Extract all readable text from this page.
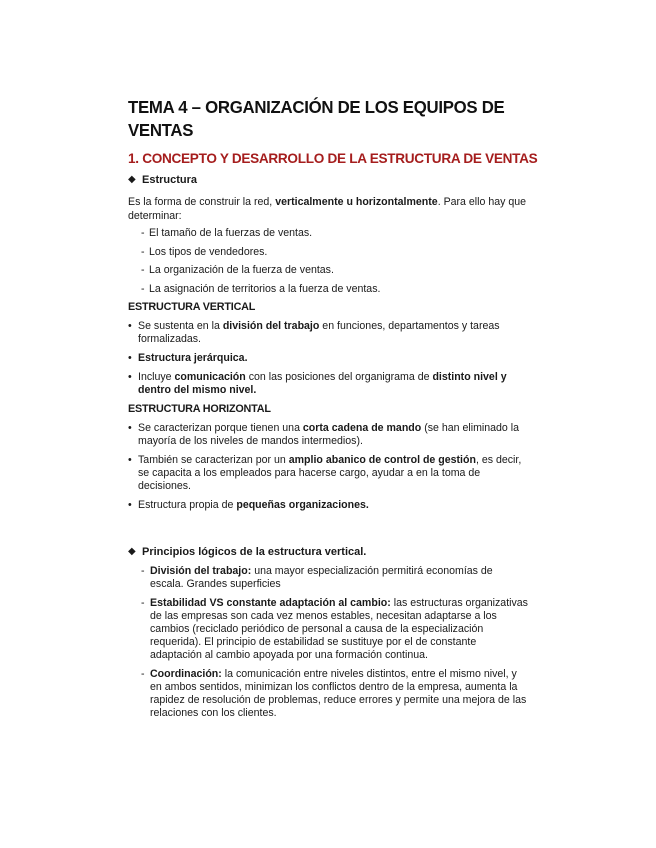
TEMA 4 – ORGANIZACIÓN DE LOS EQUIPOS DE VENTAS
1. CONCEPTO Y DESARROLLO DE LA ESTRUCTURA DE VENTAS
◆ Estructura
Es la forma de construir la red, verticalmente u horizontalmente. Para ello hay que determinar:
- El tamaño de la fuerzas de ventas.
- Los tipos de vendedores.
- La organización de la fuerza de ventas.
- La asignación de territorios a la fuerza de ventas.
ESTRUCTURA VERTICAL
• Se sustenta en la división del trabajo en funciones, departamentos y tareas formalizadas.
• Estructura jerárquica.
• Incluye comunicación con las posiciones del organigrama de distinto nivel y dentro del mismo nivel.
ESTRUCTURA HORIZONTAL
• Se caracterizan porque tienen una corta cadena de mando (se han eliminado la mayoría de los niveles de mandos intermedios).
• También se caracterizan por un amplio abanico de control de gestión, es decir, se capacita a los empleados para hacerse cargo, ayudar a en la toma de decisiones.
• Estructura propia de pequeñas organizaciones.
◆ Principios lógicos de la estructura vertical.
- División del trabajo: una mayor especialización permitirá economías de escala. Grandes superficies
- Estabilidad VS constante adaptación al cambio: las estructuras organizativas de las empresas son cada vez menos estables, necesitan adaptarse a los cambios (reciclado periódico de personal a causa de la especialización requerida). El principio de estabilidad se sustituye por el de constante adaptación al cambio apoyada por una formación continua.
- Coordinación: la comunicación entre niveles distintos, entre el mismo nivel, y en ambos sentidos, minimizan los conflictos dentro de la empresa, aumenta la rapidez de resolución de problemas, reduce errores y permite una mejora de las relaciones con los clientes.
